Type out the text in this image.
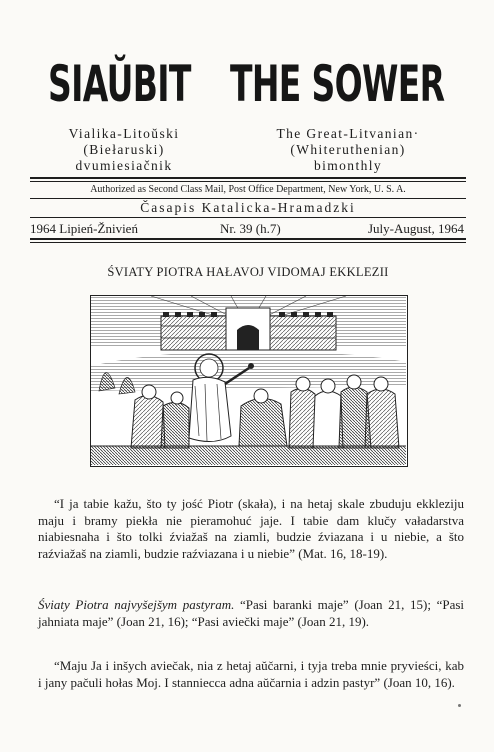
SIAŬBIT THE SOWER
Vialika-Litoŭski
(Biełaruski)
dvumiesiačnik
The Great-Litvanian·
(Whiteruthenian)
bimonthly
Authorized as Second Class Mail, Post Office Department, New York, U. S. A.
Časapis Katalicka-Hramadzki
1964 Lipień-Žnivień	Nr. 39 (h.7)	July-August, 1964
ŚVIATY PIOTRA HAŁAVOJ VIDOMAJ EKKLEZII
“I ja tabie kažu, što ty jość Piotr (skała), i na hetaj skale zbuduju ekkleziju maju i bramy piekła nie pieramohuć jaje. I tabie dam klučy vaładarstva niabiesnaha i što tolki źviažaš na ziamli, budzie źviazana i u niebie, a što raźviažaš na ziamli, budzie raźviazana i u niebie” (Mat. 16, 18-19).
Śviaty Piotra najvyšejšym pastyram. “Pasi baranki maje” (Joan 21, 15); “Pasi jahniata maje” (Joan 21, 16); “Pasi aviečki maje” (Joan 21, 19).
“Maju Ja i inšych aviečak, nia z hetaj aŭčarni, i tyja treba mnie pryvieści, kab i jany pačuli hołas Moj. I stanniecca adna aŭčarnia i adzin pastyr” (Joan 10, 16).
